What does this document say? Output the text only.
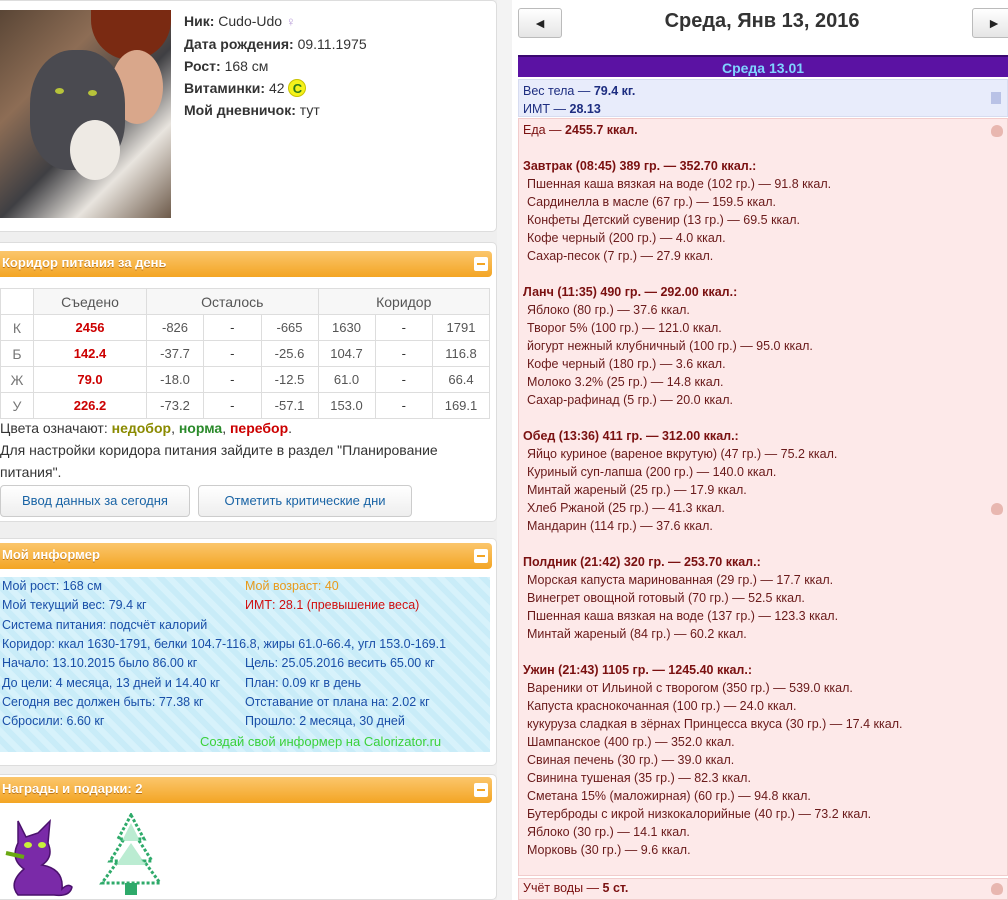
Ник: Cudo-Udo ♀
Дата рождения: 09.11.1975
Рост: 168 см
Витаминки: 42 C
Мой дневничок: тут
Коридор питания за день
	Съедено	Осталось			Коридор		
К	2456	-826	-	-665	1630	-	1791
Б	142.4	-37.7	-	-25.6	104.7	-	116.8
Ж	79.0	-18.0	-	-12.5	61.0	-	66.4
У	226.2	-73.2	-	-57.1	153.0	-	169.1
Цвета означают: недобор, норма, перебор.
Для настройки коридора питания зайдите в раздел "Планирование
питания".
Ввод данных за сегодня	Отметить критические дни
Мой информер
Мой рост: 168 см	Мой возраст: 40
Мой текущий вес: 79.4 кг	ИМТ: 28.1 (превышение веса)
Система питания: подсчёт калорий
Коридор: ккал 1630-1791, белки 104.7-116.8, жиры 61.0-66.4, угл 153.0-169.1
Начало: 13.10.2015 было 86.00 кг	Цель: 25.05.2016 весить 65.00 кг
До цели: 4 месяца, 13 дней и 14.40 кг План: 0.09 кг в день
Сегодня вес должен быть: 77.38 кг	Отставание от плана на: 2.02 кг
Сбросили: 6.60 кг	Прошло: 2 месяца, 30 дней
Создай свой информер на Calorizator.ru
Награды и подарки: 2
◄	Среда, Янв 13, 2016	►
Среда 13.01
Вес тела — 79.4 кг.
ИМТ — 28.13
Еда — 2455.7 ккал.
Завтрак (08:45) 389 гр. — 352.70 ккал.:
Пшенная каша вязкая на воде (102 гр.) — 91.8 ккал.
Сардинелла в масле (67 гр.) — 159.5 ккал.
Конфеты Детский сувенир (13 гр.) — 69.5 ккал.
Кофе черный (200 гр.) — 4.0 ккал.
Сахар-песок (7 гр.) — 27.9 ккал.
Ланч (11:35) 490 гр. — 292.00 ккал.:
Яблоко (80 гр.) — 37.6 ккал.
Творог 5% (100 гр.) — 121.0 ккал.
йогурт нежный клубничный (100 гр.) — 95.0 ккал.
Кофе черный (180 гр.) — 3.6 ккал.
Молоко 3.2% (25 гр.) — 14.8 ккал.
Сахар-рафинад (5 гр.) — 20.0 ккал.
Обед (13:36) 411 гр. — 312.00 ккал.:
Яйцо куриное (вареное вкрутую) (47 гр.) — 75.2 ккал.
Куриный суп-лапша (200 гр.) — 140.0 ккал.
Минтай жареный (25 гр.) — 17.9 ккал.
Хлеб Ржаной (25 гр.) — 41.3 ккал.
Мандарин (114 гр.) — 37.6 ккал.
Полдник (21:42) 320 гр. — 253.70 ккал.:
Морская капуста маринованная (29 гр.) — 17.7 ккал.
Винегрет овощной готовый (70 гр.) — 52.5 ккал.
Пшенная каша вязкая на воде (137 гр.) — 123.3 ккал.
Минтай жареный (84 гр.) — 60.2 ккал.
Ужин (21:43) 1105 гр. — 1245.40 ккал.:
Вареники от Ильиной с творогом (350 гр.) — 539.0 ккал.
Капуста краснокочанная (100 гр.) — 24.0 ккал.
кукуруза сладкая в зёрнах Принцесса вкуса (30 гр.) — 17.4 ккал.
Шампанское (400 гр.) — 352.0 ккал.
Свиная печень (30 гр.) — 39.0 ккал.
Свинина тушеная (35 гр.) — 82.3 ккал.
Сметана 15% (маложирная) (60 гр.) — 94.8 ккал.
Бутерброды с икрой низкокалорийные (40 гр.) — 73.2 ккал.
Яблоко (30 гр.) — 14.1 ккал.
Морковь (30 гр.) — 9.6 ккал.
Учёт воды — 5 ст.
